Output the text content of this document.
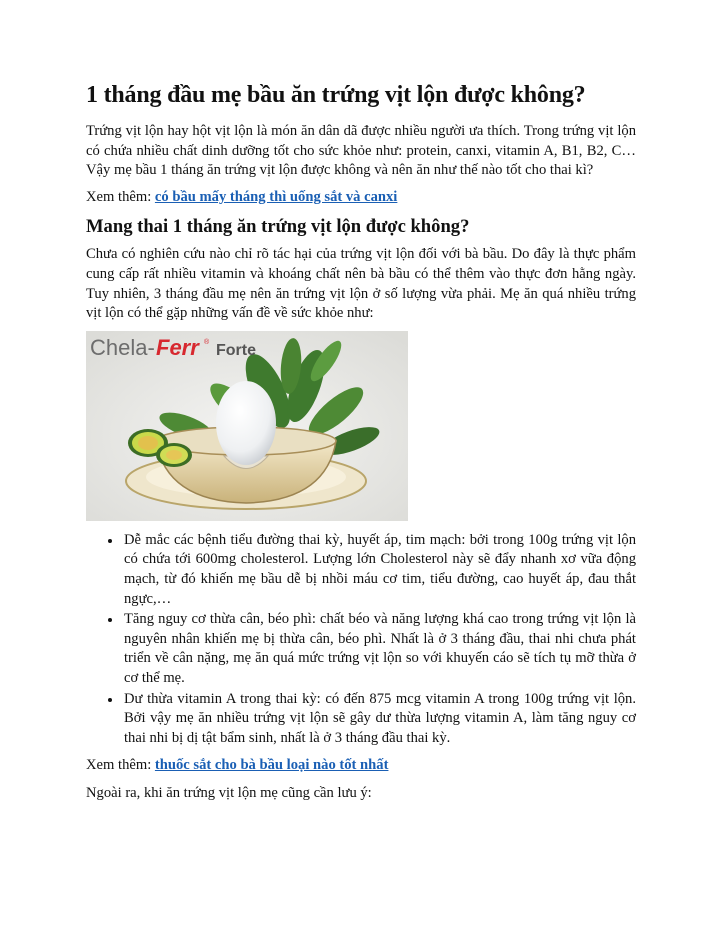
1 tháng đầu mẹ bầu ăn trứng vịt lộn được không?

Trứng vịt lộn hay hột vịt lộn là món ăn dân dã được nhiều người ưa thích. Trong trứng vịt lộn có chứa nhiều chất dinh dưỡng tốt cho sức khỏe như: protein, canxi, vitamin A, B1, B2, C… Vậy mẹ bầu 1 tháng ăn trứng vịt lộn được không và nên ăn như thế nào tốt cho thai kì?

Xem thêm: có bầu mấy tháng thì uống sắt và canxi

Mang thai 1 tháng ăn trứng vịt lộn được không?

Chưa có nghiên cứu nào chỉ rõ tác hại của trứng vịt lộn đối với bà bầu. Do đây là thực phẩm cung cấp rất nhiều vitamin và khoáng chất nên bà bầu có thể thêm vào thực đơn hằng ngày. Tuy nhiên, 3 tháng đầu mẹ nên ăn trứng vịt lộn ở số lượng vừa phải. Mẹ ăn quá nhiều trứng vịt lộn có thể gặp những vấn đề về sức khỏe như:

Chela- Ferr ® Forte
• Dễ mắc các bệnh tiểu đường thai kỳ, huyết áp, tim mạch: bởi trong 100g trứng vịt lộn có chứa tới 600mg cholesterol. Lượng lớn Cholesterol này sẽ đẩy nhanh xơ vữa động mạch, từ đó khiến mẹ bầu dễ bị nhồi máu cơ tim, tiểu đường, cao huyết áp, đau thắt ngực,…
• Tăng nguy cơ thừa cân, béo phì: chất béo và năng lượng khá cao trong trứng vịt lộn là nguyên nhân khiến mẹ bị thừa cân, béo phì. Nhất là ở 3 tháng đầu, thai nhi chưa phát triển về cân nặng, mẹ ăn quá mức trứng vịt lộn so với khuyến cáo sẽ tích tụ mỡ thừa ở cơ thể mẹ.
• Dư thừa vitamin A trong thai kỳ: có đến 875 mcg vitamin A trong 100g trứng vịt lộn. Bởi vậy mẹ ăn nhiều trứng vịt lộn sẽ gây dư thừa lượng vitamin A, làm tăng nguy cơ thai nhi bị dị tật bẩm sinh, nhất là ở 3 tháng đầu thai kỳ.

Xem thêm: thuốc sắt cho bà bầu loại nào tốt nhất

Ngoài ra, khi ăn trứng vịt lộn mẹ cũng cần lưu ý:
